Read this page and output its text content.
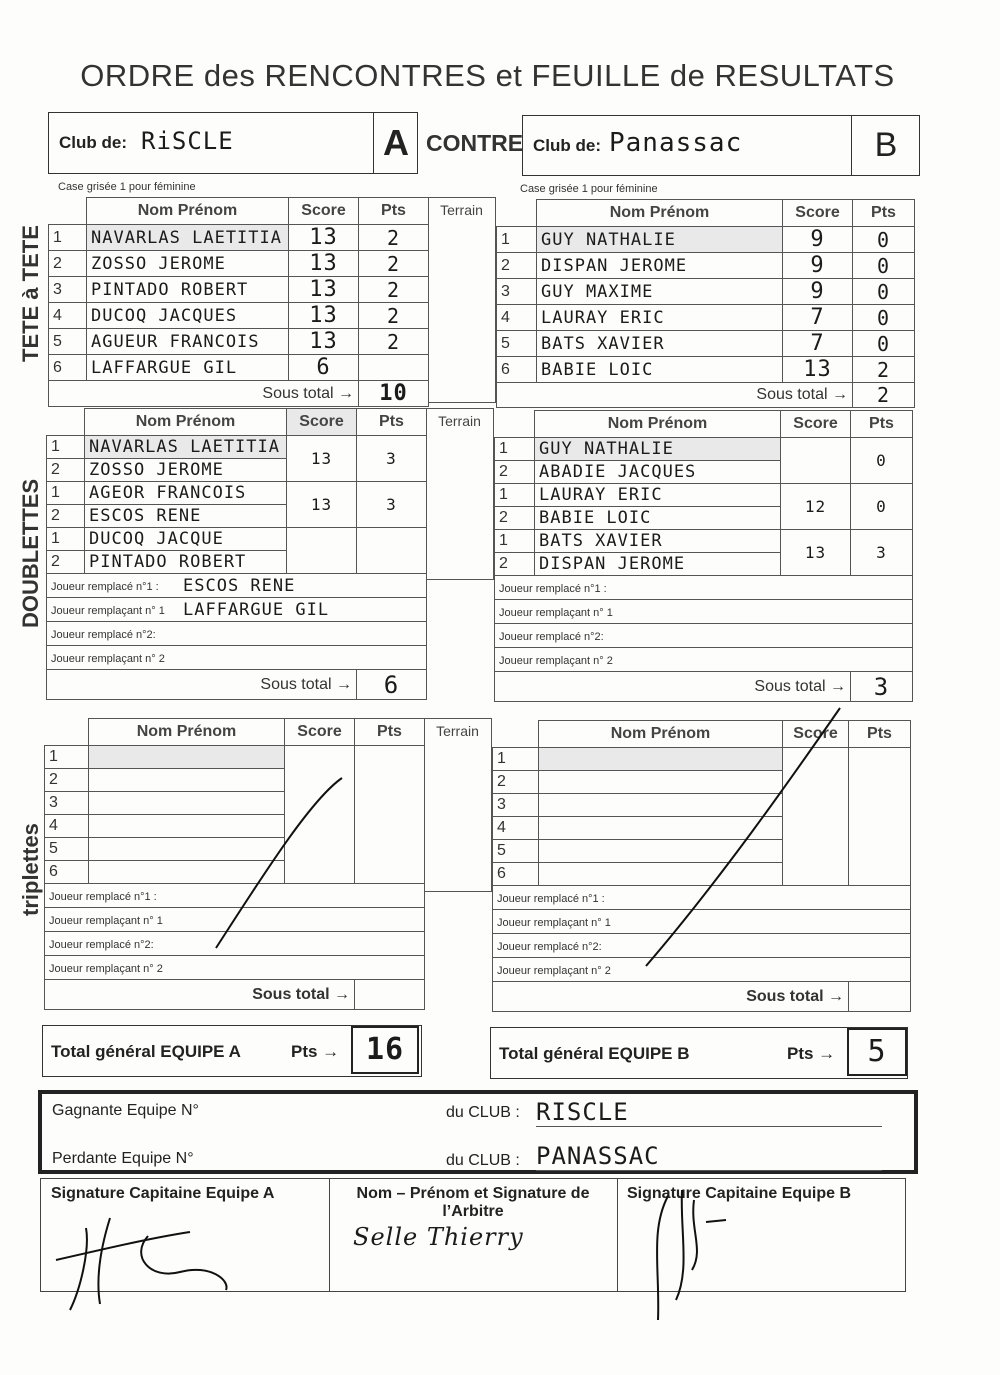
ORDRE des RENCONTRES et FEUILLE de RESULTATS
Club de: RiSCLE	A CONTRE Club de: Panassac	B
Case grisée 1 pour féminine	Case grisée 1 pour féminine
TETE à TETE
DOUBLETTES
triplettes
	Nom Prénom	Score	Pts
1	NAVARLAS LAETITIA	13	2
2	ZOSSO JEROME	13	2
3	PINTADO ROBERT	13	2
4	DUCOQ JACQUES	13	2
5	AGUEUR FRANCOIS	13	2
6	LAFFARGUE GIL	6	
Sous total →			10
Terrain
		Nom Prénom	Score	Pts
1	GUY NATHALIE	9	0
2	DISPAN JEROME	9	0
3	GUY MAXIME	9	0
4	LAURAY ERIC	7	0
5	BATS XAVIER	7	0
6	BABIE LOIC	13	2
Sous total →			2
	Nom Prénom	Score	Pts
1	NAVARLAS LAETITIA	13	3
2	ZOSSO JEROME		
1	AGEOR FRANCOIS	13	3
2	ESCOS RENE		
1	DUCOQ JACQUE		
2	PINTADO ROBERT		
Joueur remplacé n°1 : ESCOS RENE			

Joueur remplaçant n° 1 LAFFARGUE GIL			

Joueur remplacé n°2:			

Joueur remplaçant n° 2			

Sous total →			6
Terrain
		Nom Prénom	Score	Pts
1	GUY NATHALIE		0
2	ABADIE JACQUES		
1	LAURAY ERIC	12	0
2	BABIE LOIC		
1	BATS XAVIER	13	3
2	DISPAN JEROME		
Joueur remplacé n°1 :			

Joueur remplaçant n° 1			

Joueur remplacé n°2:			

Joueur remplaçant n° 2			

Sous total →			3
	Nom Prénom	Score	Pts
1			
2			
3			
4			
5			
6			
Joueur remplacé n°1 :			
Joueur remplaçant n° 1			
Joueur remplacé n°2:			
Joueur remplaçant n° 2			
Sous total →			
Terrain
		Nom Prénom	Score	Pts
1			
2			
3			
4			
5			
6			
Joueur remplacé n°1 :			
Joueur remplaçant n° 1			
Joueur remplacé n°2:			
Joueur remplaçant n° 2			
Sous total →			
Total général EQUIPE A	Pts → 16	Total général EQUIPE B	Pts →	5
Gagnante Equipe N°	du CLUB : RISCLE
Perdante Equipe N°	du CLUB : PANASSAC
Signature Capitaine Equipe A	Nom – Prénom et Signature de l’Arbitre
Selle Thierry
Signature Capitaine Equipe B
